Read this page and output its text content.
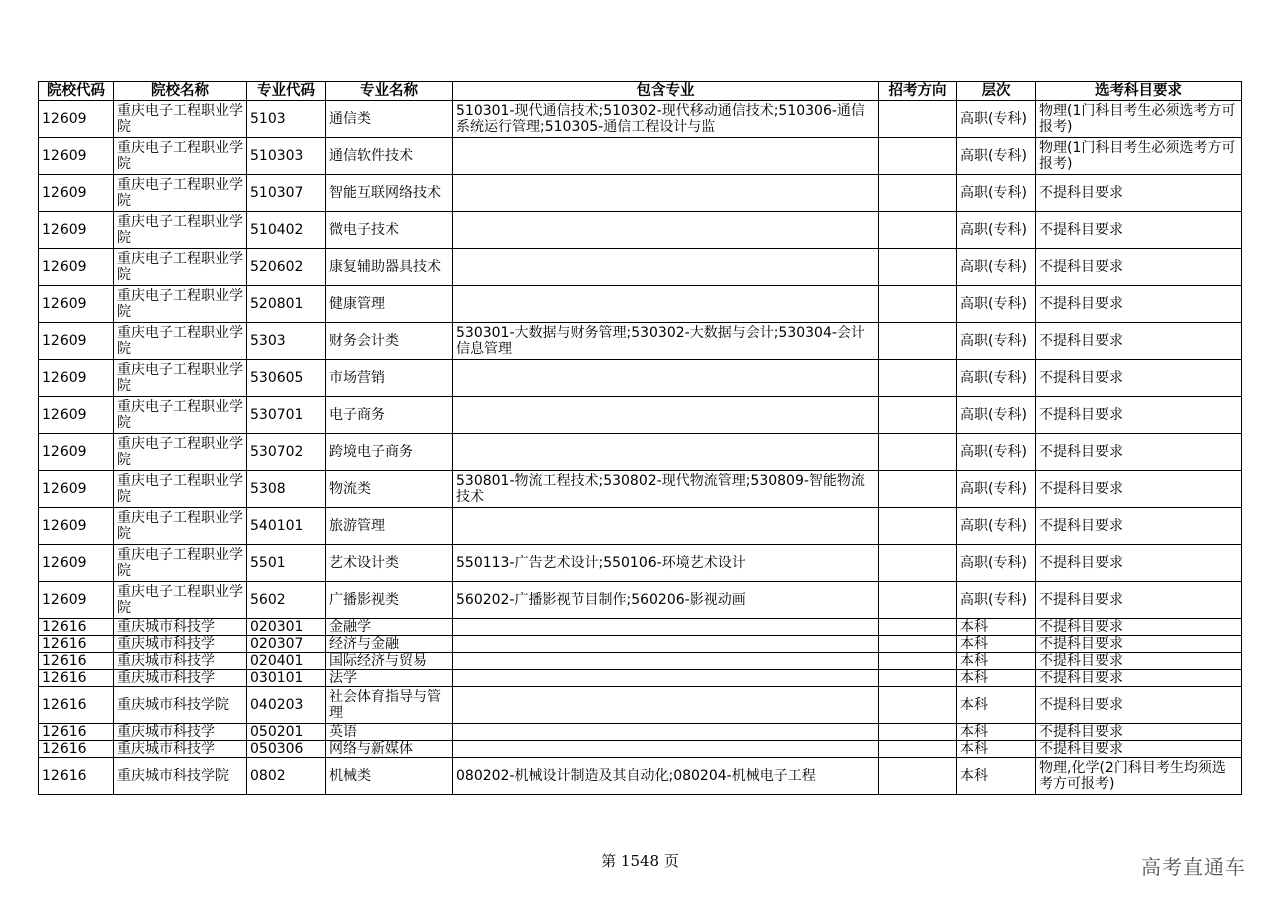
院校代码	院校名称	专业代码	专业名称	包含专业	招考方向	层次	选考科目要求

12609	重庆电子工程职业学院	5103	通信类	510301-现代通信技术;510302-现代移动通信技术;510306-通信系统运行管理;510305-通信工程设计与监		高职(专科)	物理(1门科目考生必须选考方可报考)

12609	重庆电子工程职业学院	510303	通信软件技术			高职(专科)	物理(1门科目考生必须选考方可报考)

12609	重庆电子工程职业学院	510307	智能互联网络技术			高职(专科)	不提科目要求

12609	重庆电子工程职业学院	510402	微电子技术			高职(专科)	不提科目要求

12609	重庆电子工程职业学院	520602	康复辅助器具技术			高职(专科)	不提科目要求

12609	重庆电子工程职业学院	520801	健康管理			高职(专科)	不提科目要求

12609	重庆电子工程职业学院	5303	财务会计类	530301-大数据与财务管理;530302-大数据与会计;530304-会计信息管理		高职(专科)	不提科目要求

12609	重庆电子工程职业学院	530605	市场营销			高职(专科)	不提科目要求

12609	重庆电子工程职业学院	530701	电子商务			高职(专科)	不提科目要求

12609	重庆电子工程职业学院	530702	跨境电子商务			高职(专科)	不提科目要求

12609	重庆电子工程职业学院	5308	物流类	530801-物流工程技术;530802-现代物流管理;530809-智能物流技术		高职(专科)	不提科目要求

12609	重庆电子工程职业学院	540101	旅游管理			高职(专科)	不提科目要求

12609	重庆电子工程职业学院	5501	艺术设计类	550113-广告艺术设计;550106-环境艺术设计		高职(专科)	不提科目要求

12609	重庆电子工程职业学院	5602	广播影视类	560202-广播影视节目制作;560206-影视动画		高职(专科)	不提科目要求

12616	重庆城市科技学	020301	金融学			本科	不提科目要求

12616	重庆城市科技学	020307	经济与金融			本科	不提科目要求

12616	重庆城市科技学	020401	国际经济与贸易			本科	不提科目要求

12616	重庆城市科技学	030101	法学			本科	不提科目要求

12616	重庆城市科技学院	040203	社会体育指导与管理			本科	不提科目要求

12616	重庆城市科技学	050201	英语			本科	不提科目要求

12616	重庆城市科技学	050306	网络与新媒体			本科	不提科目要求

12616	重庆城市科技学院	0802	机械类	080202-机械设计制造及其自动化;080204-机械电子工程		本科	物理,化学(2门科目考生均须选考方可报考)
第 1548 页	高考直通车
